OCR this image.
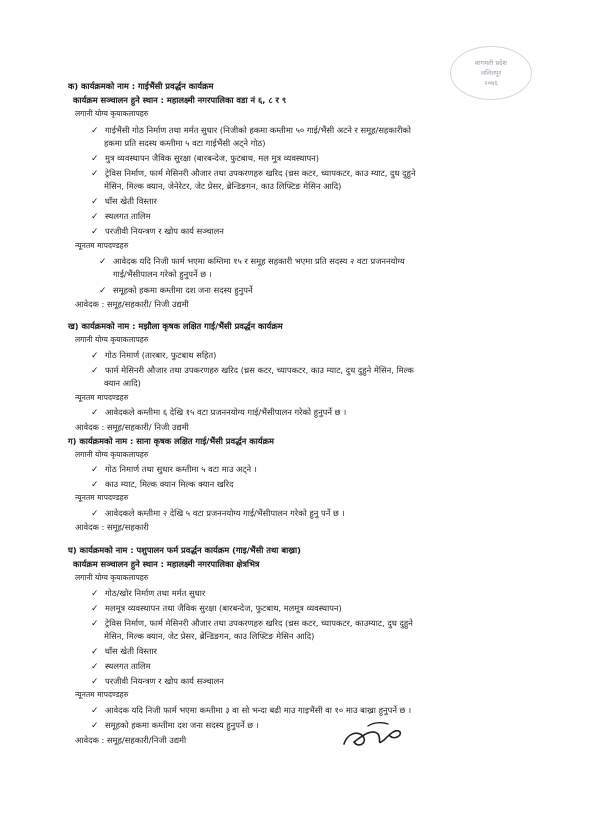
बागमती प्रदेश
ललितपुर
२०७६
क) कार्यक्रमको नाम : गाईभैंसी प्रवर्द्धन कार्यक्रम
कार्यक्रम सञ्चालन हुने स्थान : महालक्ष्मी नगरपालिका वडा नं ६, ८ र ९
लगानी योग्य कृयाकलापहरु
✓ गाईभैंसी गोठ निर्माण तथा मर्मत सुधार (निजीको हकमा कम्तीमा ५० गाई/भैंसी अटने र समूह/सहकारीको
हकमा प्रति सदस्य कम्तीमा ५ वटा गाईभैंसी अट्ने गोठ)
✓ मुत्र व्यवस्थापन जैविक सुरक्षा (बारबन्देज, फुटबाथ, मल मुत्र व्यवस्थापन)
✓ ट्रेविस निर्माण, फार्म मेसिनरी औजार तथा उपकरणहरु खरिद (च्रस कटर, च्यापकटर, काउ म्याट, दुध दुहुने
मेसिन, मिल्क क्यान, जेनेरेटर, जेट प्रेसर, ब्रेन्डिङगन, काउ लिफ्टिङ मेसिन आदि)
✓ घाँस खेती विस्तार
✓ स्थलगत तालिम
✓ परजीवी नियन्त्रण र खोप कार्य सञ्चालन
न्यूनतम मापदण्डहरु
✓ आवेदक यदि निजी फार्म भएमा कम्तिमा १५ र समूह सहकारी भएमा प्रति सदस्य २ वटा प्रजननयोग्य
गाई/भैंसीपालन गरेको हुनुपर्ने छ ।
✓ समूहको हकमा कम्तीमा दश जना सदस्य हुनुपर्ने
आवेदक : समूह/सहकारी/ निजी उद्यमी
ख) कार्यक्रमको नाम : मझौला कृषक लक्षित गाई/भैंसी प्रवर्द्धन कार्यक्रम
लगानी योग्य कृयाकलापहरु
✓ गोठ निमार्ण (तारबार, फुटबाथ सहित)
✓ फार्म मेसिनरी औजार तथा उपकरणहरु खरिद (च्रस कटर, च्यापकटर, काउ म्याट, दुध दुहुने मेसिन, मिल्क
क्यान आदि)
न्यूनतम मापदण्डहरु
✓ आवेदकले कम्तीमा ६ देखि १५ वटा प्रजननयोग्य गाई/भैंसीपालन गरेको हुनुपर्ने छ ।
आवेदक : समूह/सहकारी/ निजी उद्यमी
ग) कार्यक्रमको नाम : साना कृषक लक्षित गाई/भैंसी प्रवर्द्धन कार्यक्रम
लगानी योग्य कृयाकलापहरु
✓ गोठ निमार्ण तथा सुधार कम्तीमा ५ वटा माउ अट्ने ।
✓ काउ म्याट, मिल्क क्यान मिल्क क्यान खरिद
न्यूनतम मापदण्डहरु
✓ आवेदकले कम्तीमा २ देखि ५ वटा प्रजननयोग्य गाई/भैंसीपालन गरेको हुनु पर्ने छ ।
आवेदक : समूह/सहकारी
घ) कार्यक्रमको नाम : पशुपालन फर्म प्रवर्द्धन कार्यक्रम (गाइ/भैंसी तथा बाख्रा)
कार्यक्रम सञ्चालन हुने स्थान : महालक्ष्मी नगरपालिका क्षेत्रभित्र
लगानी योग्य कृयाकलापहरु
✓ गोठ/खोर निर्माण तथा मर्मत सुधार
✓ मलमूत्र व्यवस्थापन तथा जैविक सुरक्षा (बारबन्देज, फुटबाथ, मलमूत्र व्यवस्थापन)
✓ ट्रेविस निर्माण, फार्म मेसिनरी औजार तथा उपकरणहरु खरिद (च्रस कटर, च्यापकटर, काउम्याट, दुध दुहुने
मेसिन, मिल्क क्यान, जेट प्रेसर, ब्रेन्डिङगन, काउ लिफ्टिङ मेसिन आदि)
✓ घाँस खेती विस्तार
✓ स्थलगत तालिम
✓ परजीवी नियन्त्रण र खोप कार्य सञ्चालन
न्यूनतम मापदण्डहरु
✓ आवेदक यदि निजी फार्म भएमा कम्तीमा ३ वा सो भन्दा बढी माउ गाइभैंसी वा १० माउ बाख्रा हुनुपर्ने छ ।
✓ समूहको हकमा कम्तीमा दश जना सदस्य हुनुपर्ने छ ।
आवेदक : समूह/सहकारी/निजी उद्यमी
